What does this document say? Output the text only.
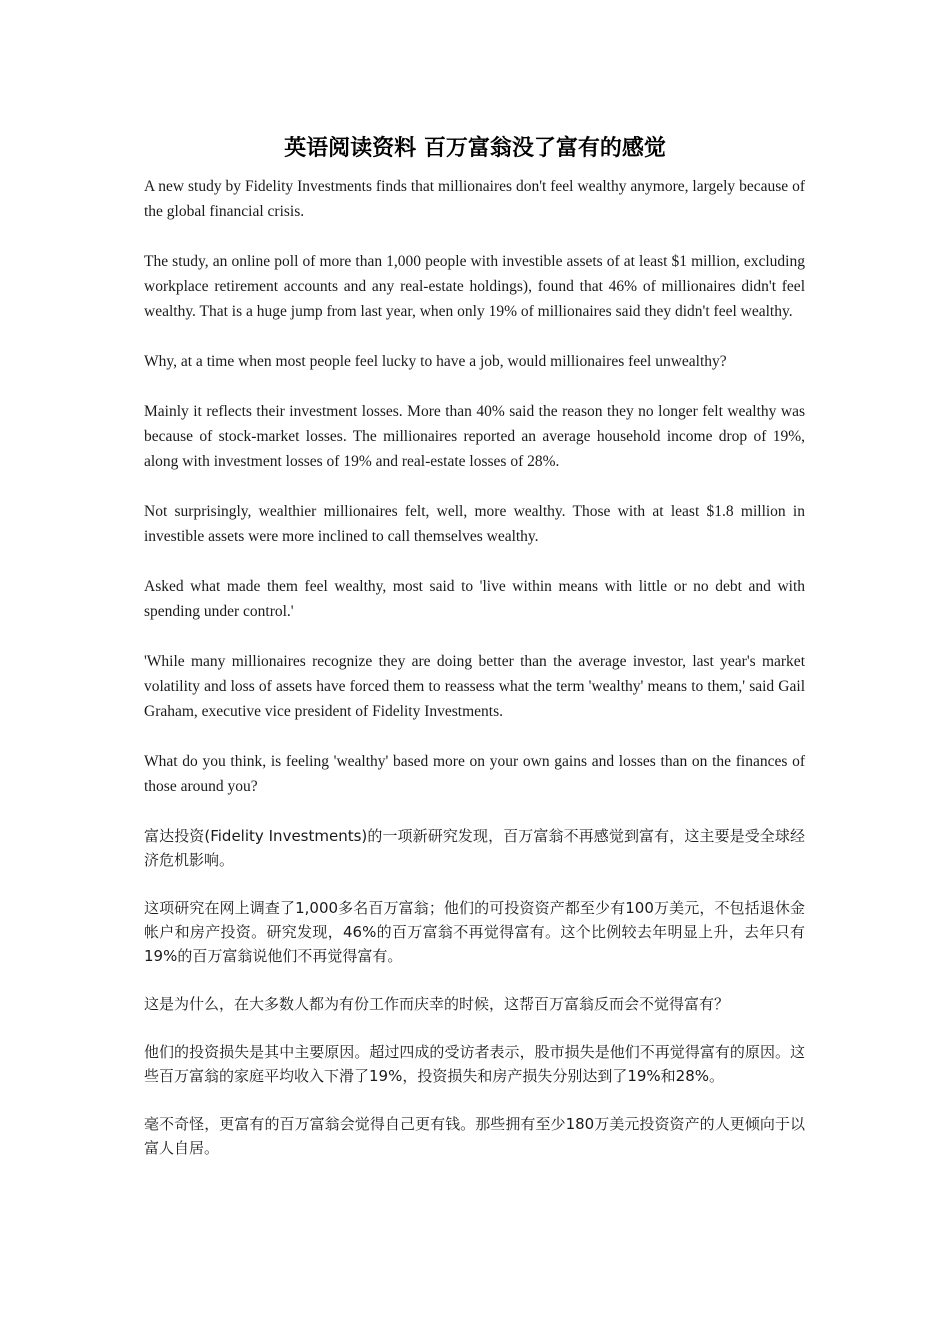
英语阅读资料 百万富翁没了富有的感觉

A new study by Fidelity Investments finds that millionaires don't feel wealthy anymore, largely because of the global financial crisis.

The study, an online poll of more than 1,000 people with investible assets of at least $1 million, excluding workplace retirement accounts and any real-estate holdings), found that 46% of millionaires didn't feel wealthy. That is a huge jump from last year, when only 19% of millionaires said they didn't feel wealthy.

Why, at a time when most people feel lucky to have a job, would millionaires feel unwealthy?

Mainly it reflects their investment losses. More than 40% said the reason they no longer felt wealthy was because of stock-market losses. The millionaires reported an average household income drop of 19%, along with investment losses of 19% and real-estate losses of 28%.

Not surprisingly, wealthier millionaires felt, well, more wealthy. Those with at least $1.8 million in investible assets were more inclined to call themselves wealthy.

Asked what made them feel wealthy, most said to 'live within means with little or no debt and with spending under control.'

'While many millionaires recognize they are doing better than the average investor, last year's market volatility and loss of assets have forced them to reassess what the term 'wealthy' means to them,' said Gail Graham, executive vice president of Fidelity Investments.

What do you think, is feeling 'wealthy' based more on your own gains and losses than on the finances of those around you?

富达投资(Fidelity Investments)的一项新研究发现，百万富翁不再感觉到富有，这主要是受全球经济危机影响。

这项研究在网上调查了1,000多名百万富翁；他们的可投资资产都至少有100万美元，不包括退休金帐户和房产投资。研究发现，46%的百万富翁不再觉得富有。这个比例较去年明显上升，去年只有19%的百万富翁说他们不再觉得富有。

这是为什么，在大多数人都为有份工作而庆幸的时候，这帮百万富翁反而会不觉得富有？

他们的投资损失是其中主要原因。超过四成的受访者表示，股市损失是他们不再觉得富有的原因。这些百万富翁的家庭平均收入下滑了19%，投资损失和房产损失分别达到了19%和28%。

毫不奇怪，更富有的百万富翁会觉得自己更有钱。那些拥有至少180万美元投资资产的人更倾向于以富人自居。
